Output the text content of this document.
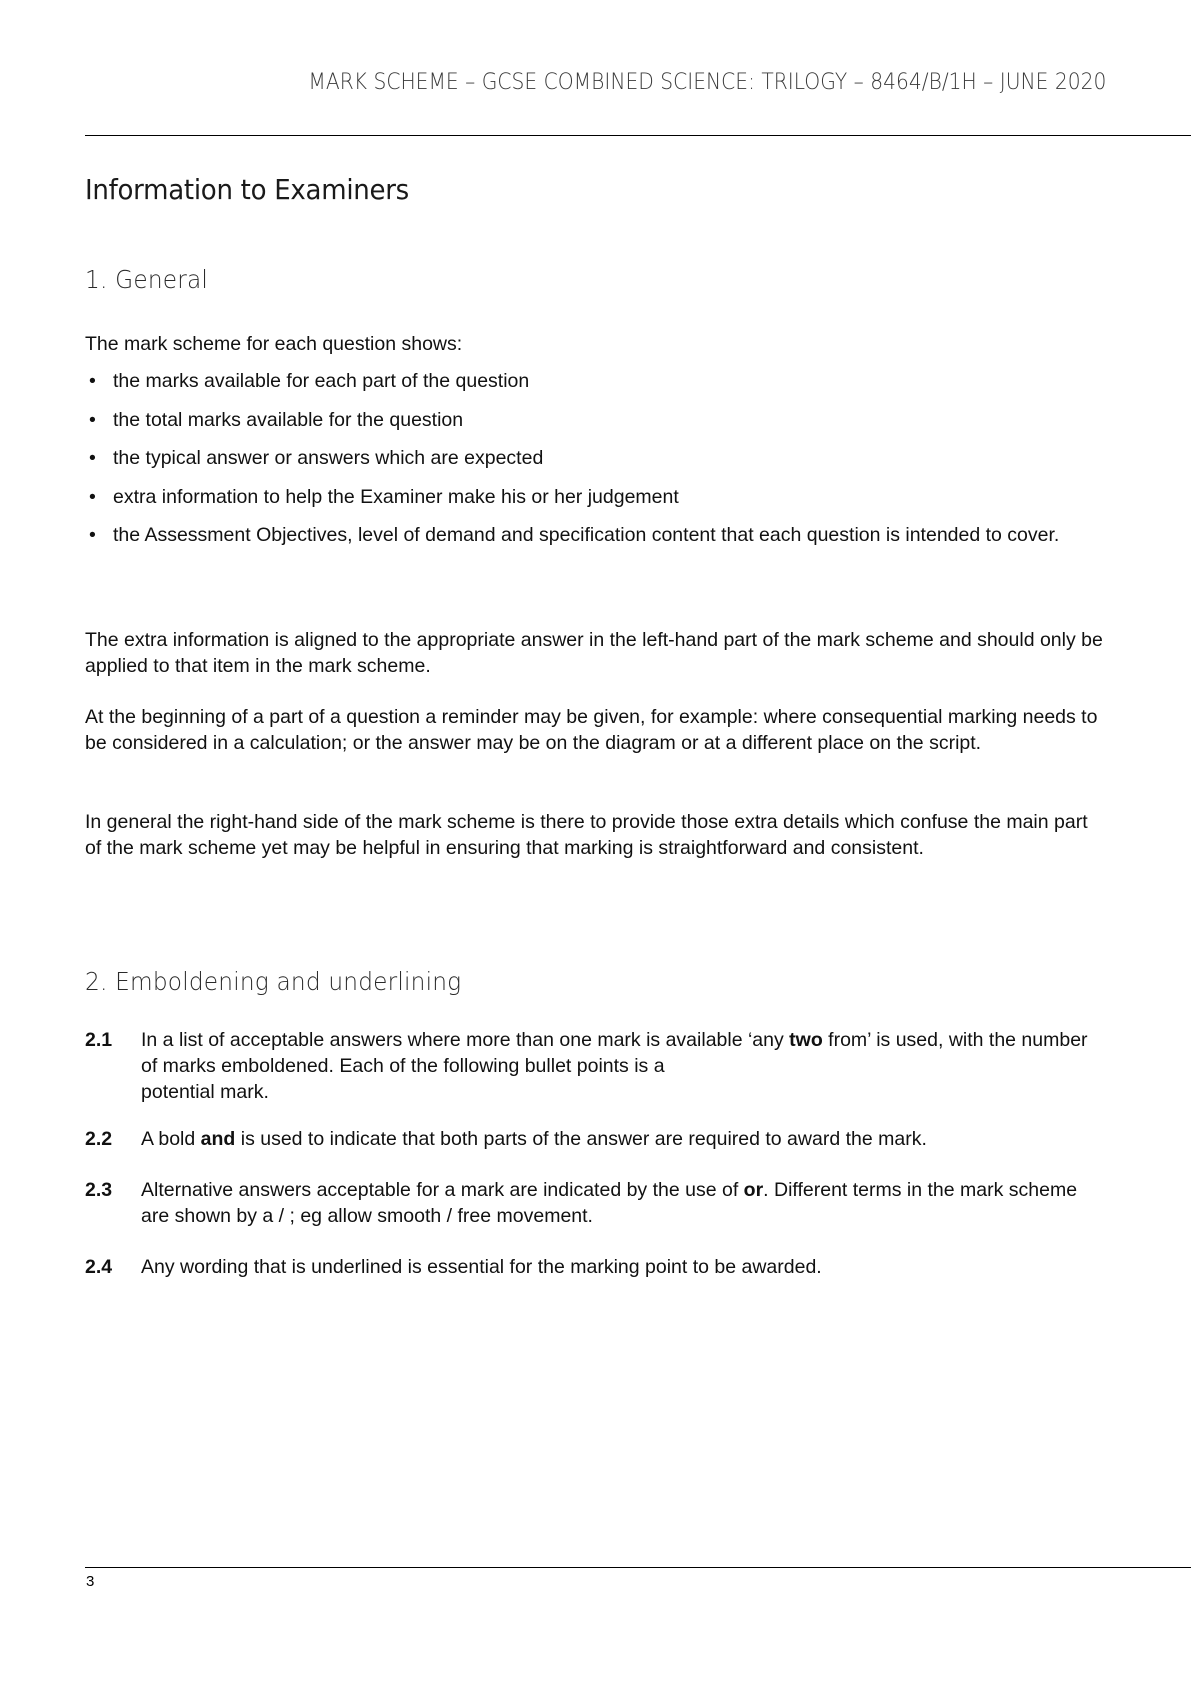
MARK SCHEME – GCSE COMBINED SCIENCE: TRILOGY – 8464/B/1H – JUNE 2020
Information to Examiners
1. General

The mark scheme for each question shows:

• the marks available for each part of the question
• the total marks available for the question
• the typical answer or answers which are expected
• extra information to help the Examiner make his or her judgement
• the Assessment Objectives, level of demand and specification content that each question is intended to cover.

The extra information is aligned to the appropriate answer in the left-hand part of the mark scheme and should only be applied to that item in the mark scheme.

At the beginning of a part of a question a reminder may be given, for example: where consequential marking needs to be considered in a calculation; or the answer may be on the diagram or at a different place on the script.

In general the right-hand side of the mark scheme is there to provide those extra details which confuse the main part of the mark scheme yet may be helpful in ensuring that marking is straightforward and consistent.

2. Emboldening and underlining
2.1 In a list of acceptable answers where more than one mark is available ‘any two from’ is used, with the number of marks emboldened. Each of the following bullet points is a
potential mark.
2.2 A bold and is used to indicate that both parts of the answer are required to award the mark.
2.3 Alternative answers acceptable for a mark are indicated by the use of or. Different terms in the mark scheme are shown by a / ; eg allow smooth / free movement.
2.4 Any wording that is underlined is essential for the marking point to be awarded.
3
